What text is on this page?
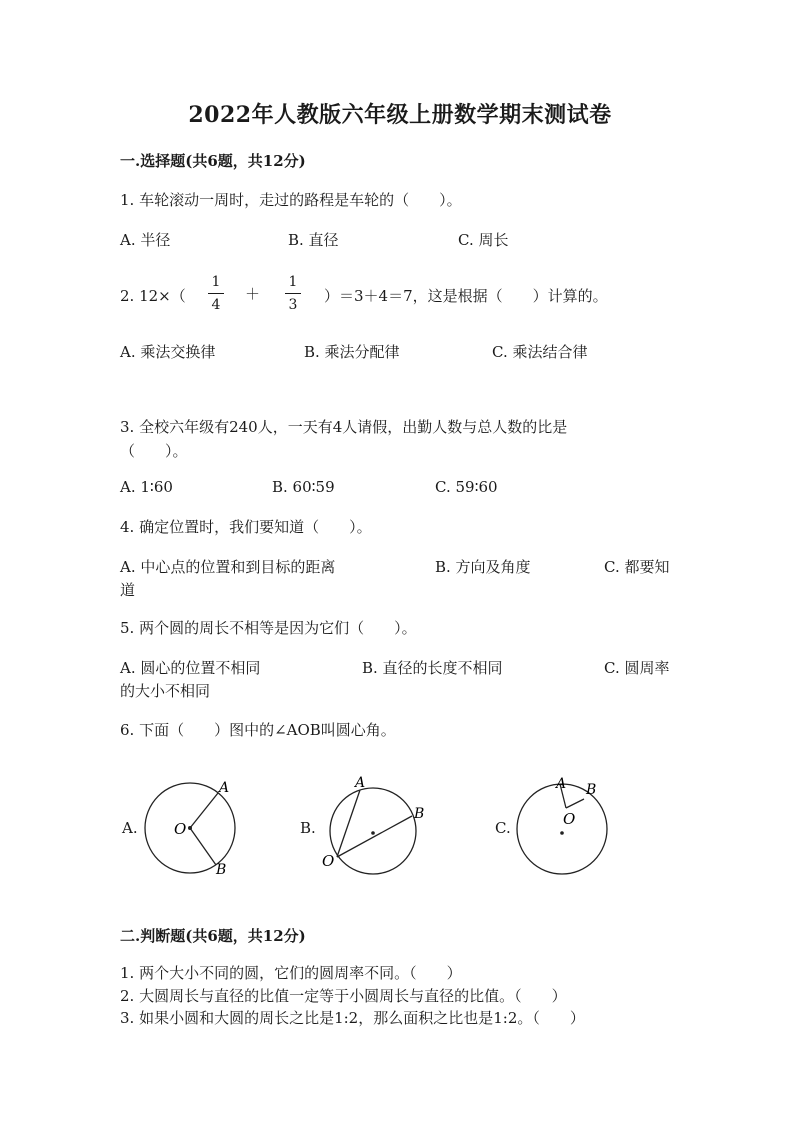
2022年人教版六年级上册数学期末测试卷
一.选择题(共6题，共12分)
1. 车轮滚动一周时，走过的路程是车轮的（　　）。
A. 半径	B. 直径	C. 周长
2. 12×（
1
4
＋
1
3	）＝3＋4＝7，这是根据（　　）计算的。
A. 乘法交换律	B. 乘法分配律	C. 乘法结合律
3. 全校六年级有240人，一天有4人请假，出勤人数与总人数的比是
（　　）。
A. 1∶60	B. 60∶59	C. 59∶60
4. 确定位置时，我们要知道（　　）。
A. 中心点的位置和到目标的距离	B. 方向及角度	C. 都要知
道
5. 两个圆的周长不相等是因为它们（　　）。
A. 圆心的位置不相同	B. 直径的长度不相同	C. 圆周率
的大小不相同
6. 下面（　　）图中的∠AOB叫圆心角。
A. O
A
B
B.
O
A
B
C.
A B
O
二.判断题(共6题，共12分)
1. 两个大小不同的圆，它们的圆周率不同。（　　）
2. 大圆周长与直径的比值一定等于小圆周长与直径的比值。（　　）
3. 如果小圆和大圆的周长之比是1:2，那么面积之比也是1:2。（　　）
